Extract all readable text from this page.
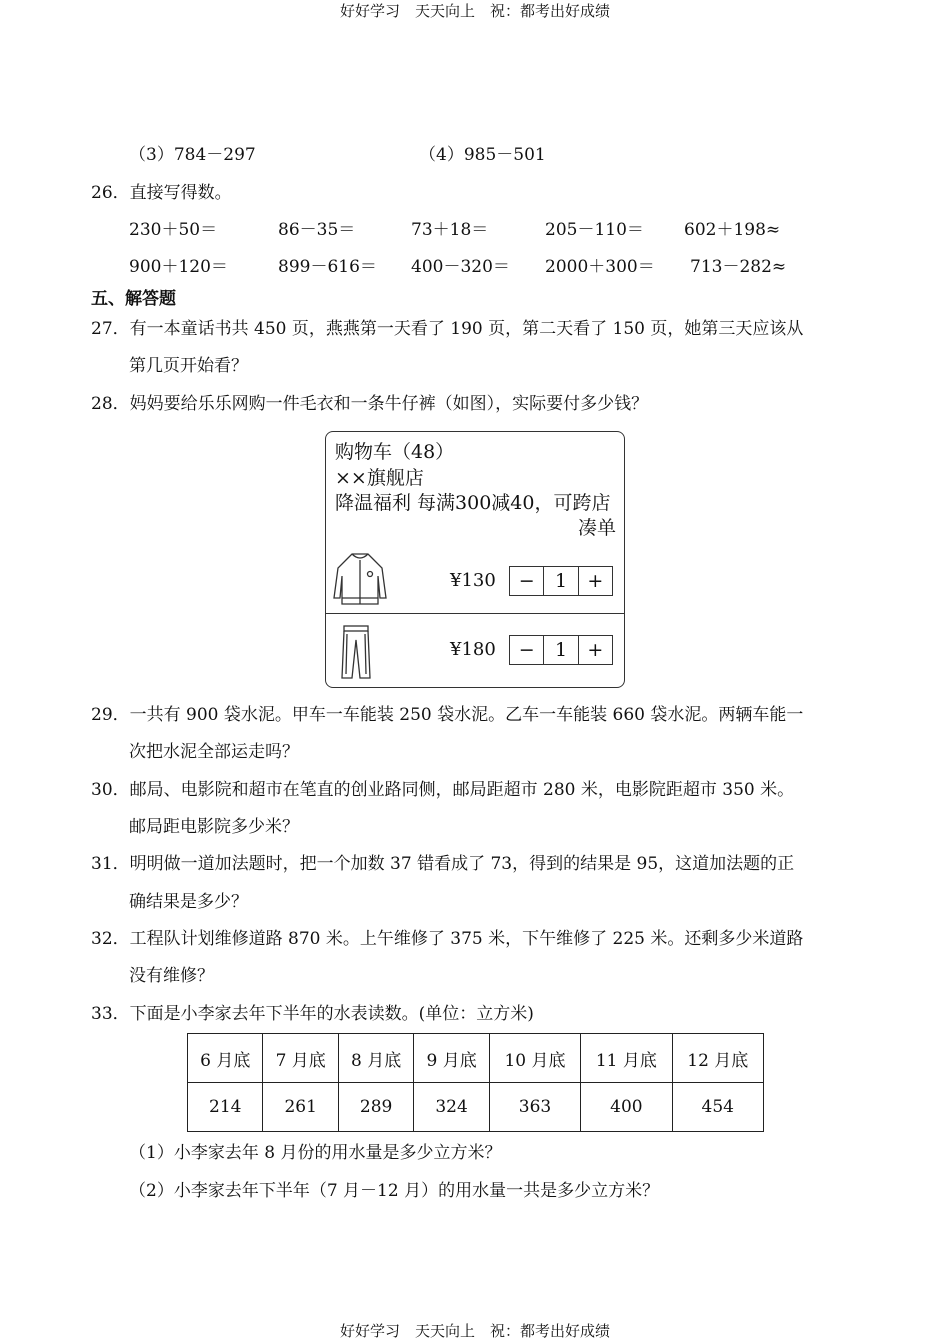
好好学习　天天向上　祝：都考出好成绩
（3）784－297	（4）985－501
26．直接写得数。
230＋50＝	86－35＝	73＋18＝	205－110＝ 602＋198≈
900＋120＝	899－616＝ 400－320＝ 2000＋300＝ 713－282≈
五、解答题
27．有一本童话书共 450 页，燕燕第一天看了 190 页，第二天看了 150 页，她第三天应该从
第几页开始看？
28．妈妈要给乐乐网购一件毛衣和一条牛仔裤（如图），实际要付多少钱？
购物车（48）
××旗舰店
降温福利 每满300减40，可跨店
凑单
¥130	−	1	+
¥180	−	1	+
29．一共有 900 袋水泥。甲车一车能装 250 袋水泥。乙车一车能装 660 袋水泥。两辆车能一
次把水泥全部运走吗？
30．邮局、电影院和超市在笔直的创业路同侧，邮局距超市 280 米，电影院距超市 350 米。
邮局距电影院多少米？
31．明明做一道加法题时，把一个加数 37 错看成了 73，得到的结果是 95，这道加法题的正
确结果是多少？
32．工程队计划维修道路 870 米。上午维修了 375 米，下午维修了 225 米。还剩多少米道路
没有维修？
33．下面是小李家去年下半年的水表读数。(单位：立方米)
6 月底	7 月底	8 月底	9 月底	10 月底	11 月底	12 月底
214	261	289	324	363	400	454
（1）小李家去年 8 月份的用水量是多少立方米？
（2）小李家去年下半年（7 月－12 月）的用水量一共是多少立方米？
好好学习　天天向上　祝：都考出好成绩
